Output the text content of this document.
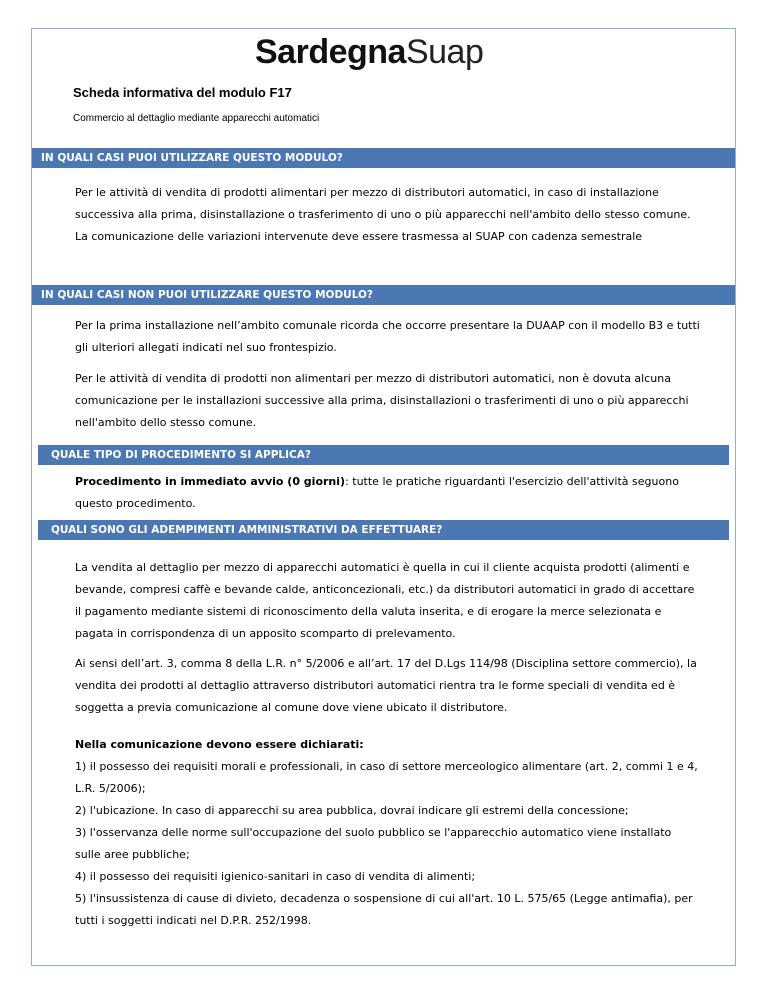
SardegnaSuap
Scheda informativa del modulo F17
Commercio al dettaglio mediante apparecchi automatici
IN QUALI CASI PUOI UTILIZZARE QUESTO MODULO?

Per le attività di vendita di prodotti alimentari per mezzo di distributori automatici, in caso di installazione successiva alla prima, disinstallazione o trasferimento di uno o più apparecchi nell'ambito dello stesso comune. La comunicazione delle variazioni intervenute deve essere trasmessa al SUAP con cadenza semestrale

IN QUALI CASI NON PUOI UTILIZZARE QUESTO MODULO?

Per la prima installazione nell’ambito comunale ricorda che occorre presentare la DUAAP con il modello B3 e tutti gli ulteriori allegati indicati nel suo frontespizio.

Per le attività di vendita di prodotti non alimentari per mezzo di distributori automatici, non è dovuta alcuna comunicazione per le installazioni successive alla prima, disinstallazioni o trasferimenti di uno o più apparecchi nell'ambito dello stesso comune.

QUALE TIPO DI PROCEDIMENTO SI APPLICA?

Procedimento in immediato avvio (0 giorni): tutte le pratiche riguardanti l'esercizio dell'attività seguono questo procedimento.

QUALI SONO GLI ADEMPIMENTI AMMINISTRATIVI DA EFFETTUARE?

La vendita al dettaglio per mezzo di apparecchi automatici è quella in cui il cliente acquista prodotti (alimenti e bevande, compresi caffè e bevande calde, anticoncezionali, etc.) da distributori automatici in grado di accettare il pagamento mediante sistemi di riconoscimento della valuta inserita, e di erogare la merce selezionata e pagata in corrispondenza di un apposito scomparto di prelevamento.

Ai sensi dell’art. 3, comma 8 della L.R. n° 5/2006 e all’art. 17 del D.Lgs 114/98 (Disciplina settore commercio), la vendita dei prodotti al dettaglio attraverso distributori automatici rientra tra le forme speciali di vendita ed è soggetta a previa comunicazione al comune dove viene ubicato il distributore.

Nella comunicazione devono essere dichiarati:
1) il possesso dei requisiti morali e professionali, in caso di settore merceologico alimentare (art. 2, commi 1 e 4, L.R. 5/2006);
2) l'ubicazione. In caso di apparecchi su area pubblica, dovrai indicare gli estremi della concessione;
3) l'osservanza delle norme sull'occupazione del suolo pubblico se l'apparecchio automatico viene installato sulle aree pubbliche;
4) il possesso dei requisiti igienico-sanitari in caso di vendita di alimenti;
5) l'insussistenza di cause di divieto, decadenza o sospensione di cui all'art. 10 L. 575/65 (Legge antimafia), per tutti i soggetti indicati nel D.P.R. 252/1998.
